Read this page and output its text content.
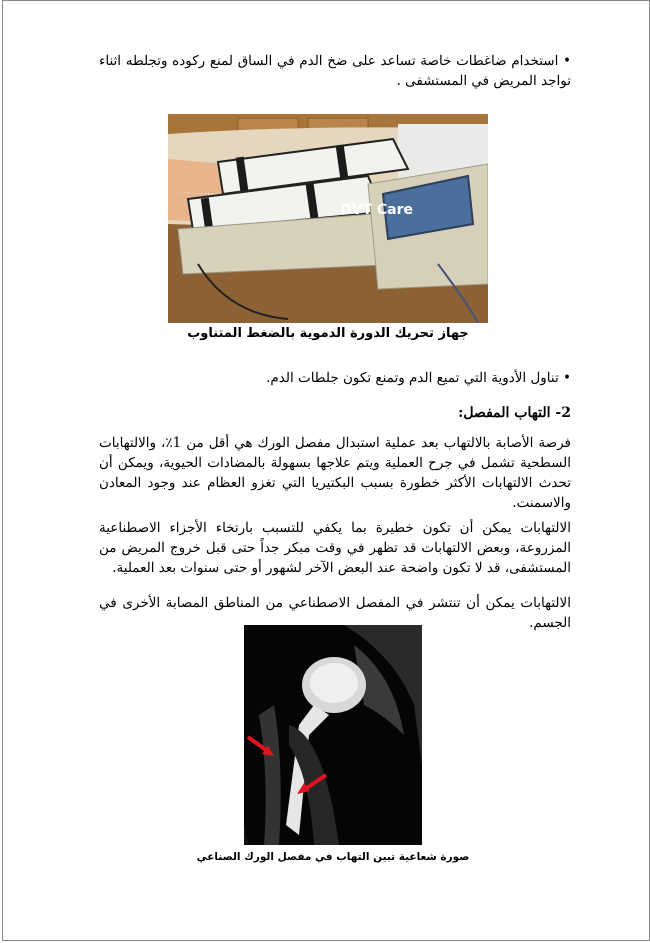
• استخدام ضاغطات خاصة تساعد على ضخ الدم في الساق لمنع ركوده وتجلطه اثناء تواجد المريض في المستشفى .

DVT Care
جهاز تحريك الدورة الدموية بالضغط المتناوب

• تناول الأدوية التي تميع الدم وتمنع تكون جلطات الدم.

2- التهاب المفصل:

فرصة الأصابة بالالتهاب بعد عملية استبدال مفصل الورك هي أقل من 1٪، والالتهابات السطحية تشمل في جرح العملية ويتم علاجها بسهولة بالمضادات الحيوية، ويمكن أن تحدث الالتهابات الأكثر خطورة بسبب البكتيريا التي تغزو العظام عند وجود المعادن والاسمنت.

الالتهابات يمكن أن تكون خطيرة بما يكفي للتسبب بارتخاء الأجزاء الاصطناعية المزروعة، وبعض الالتهابات قد تظهر في وقت مبكر جداً حتى قبل خروج المريض من المستشفى، قد لا تكون واضحة عند البعض الآخر لشهور أو حتى سنوات بعد العملية.

الالتهابات يمكن أن تنتشر في المفصل الاصطناعي من المناطق المصابة الأخرى في الجسم.

صورة شعاعية تبين التهاب في مفصل الورك الصناعي
